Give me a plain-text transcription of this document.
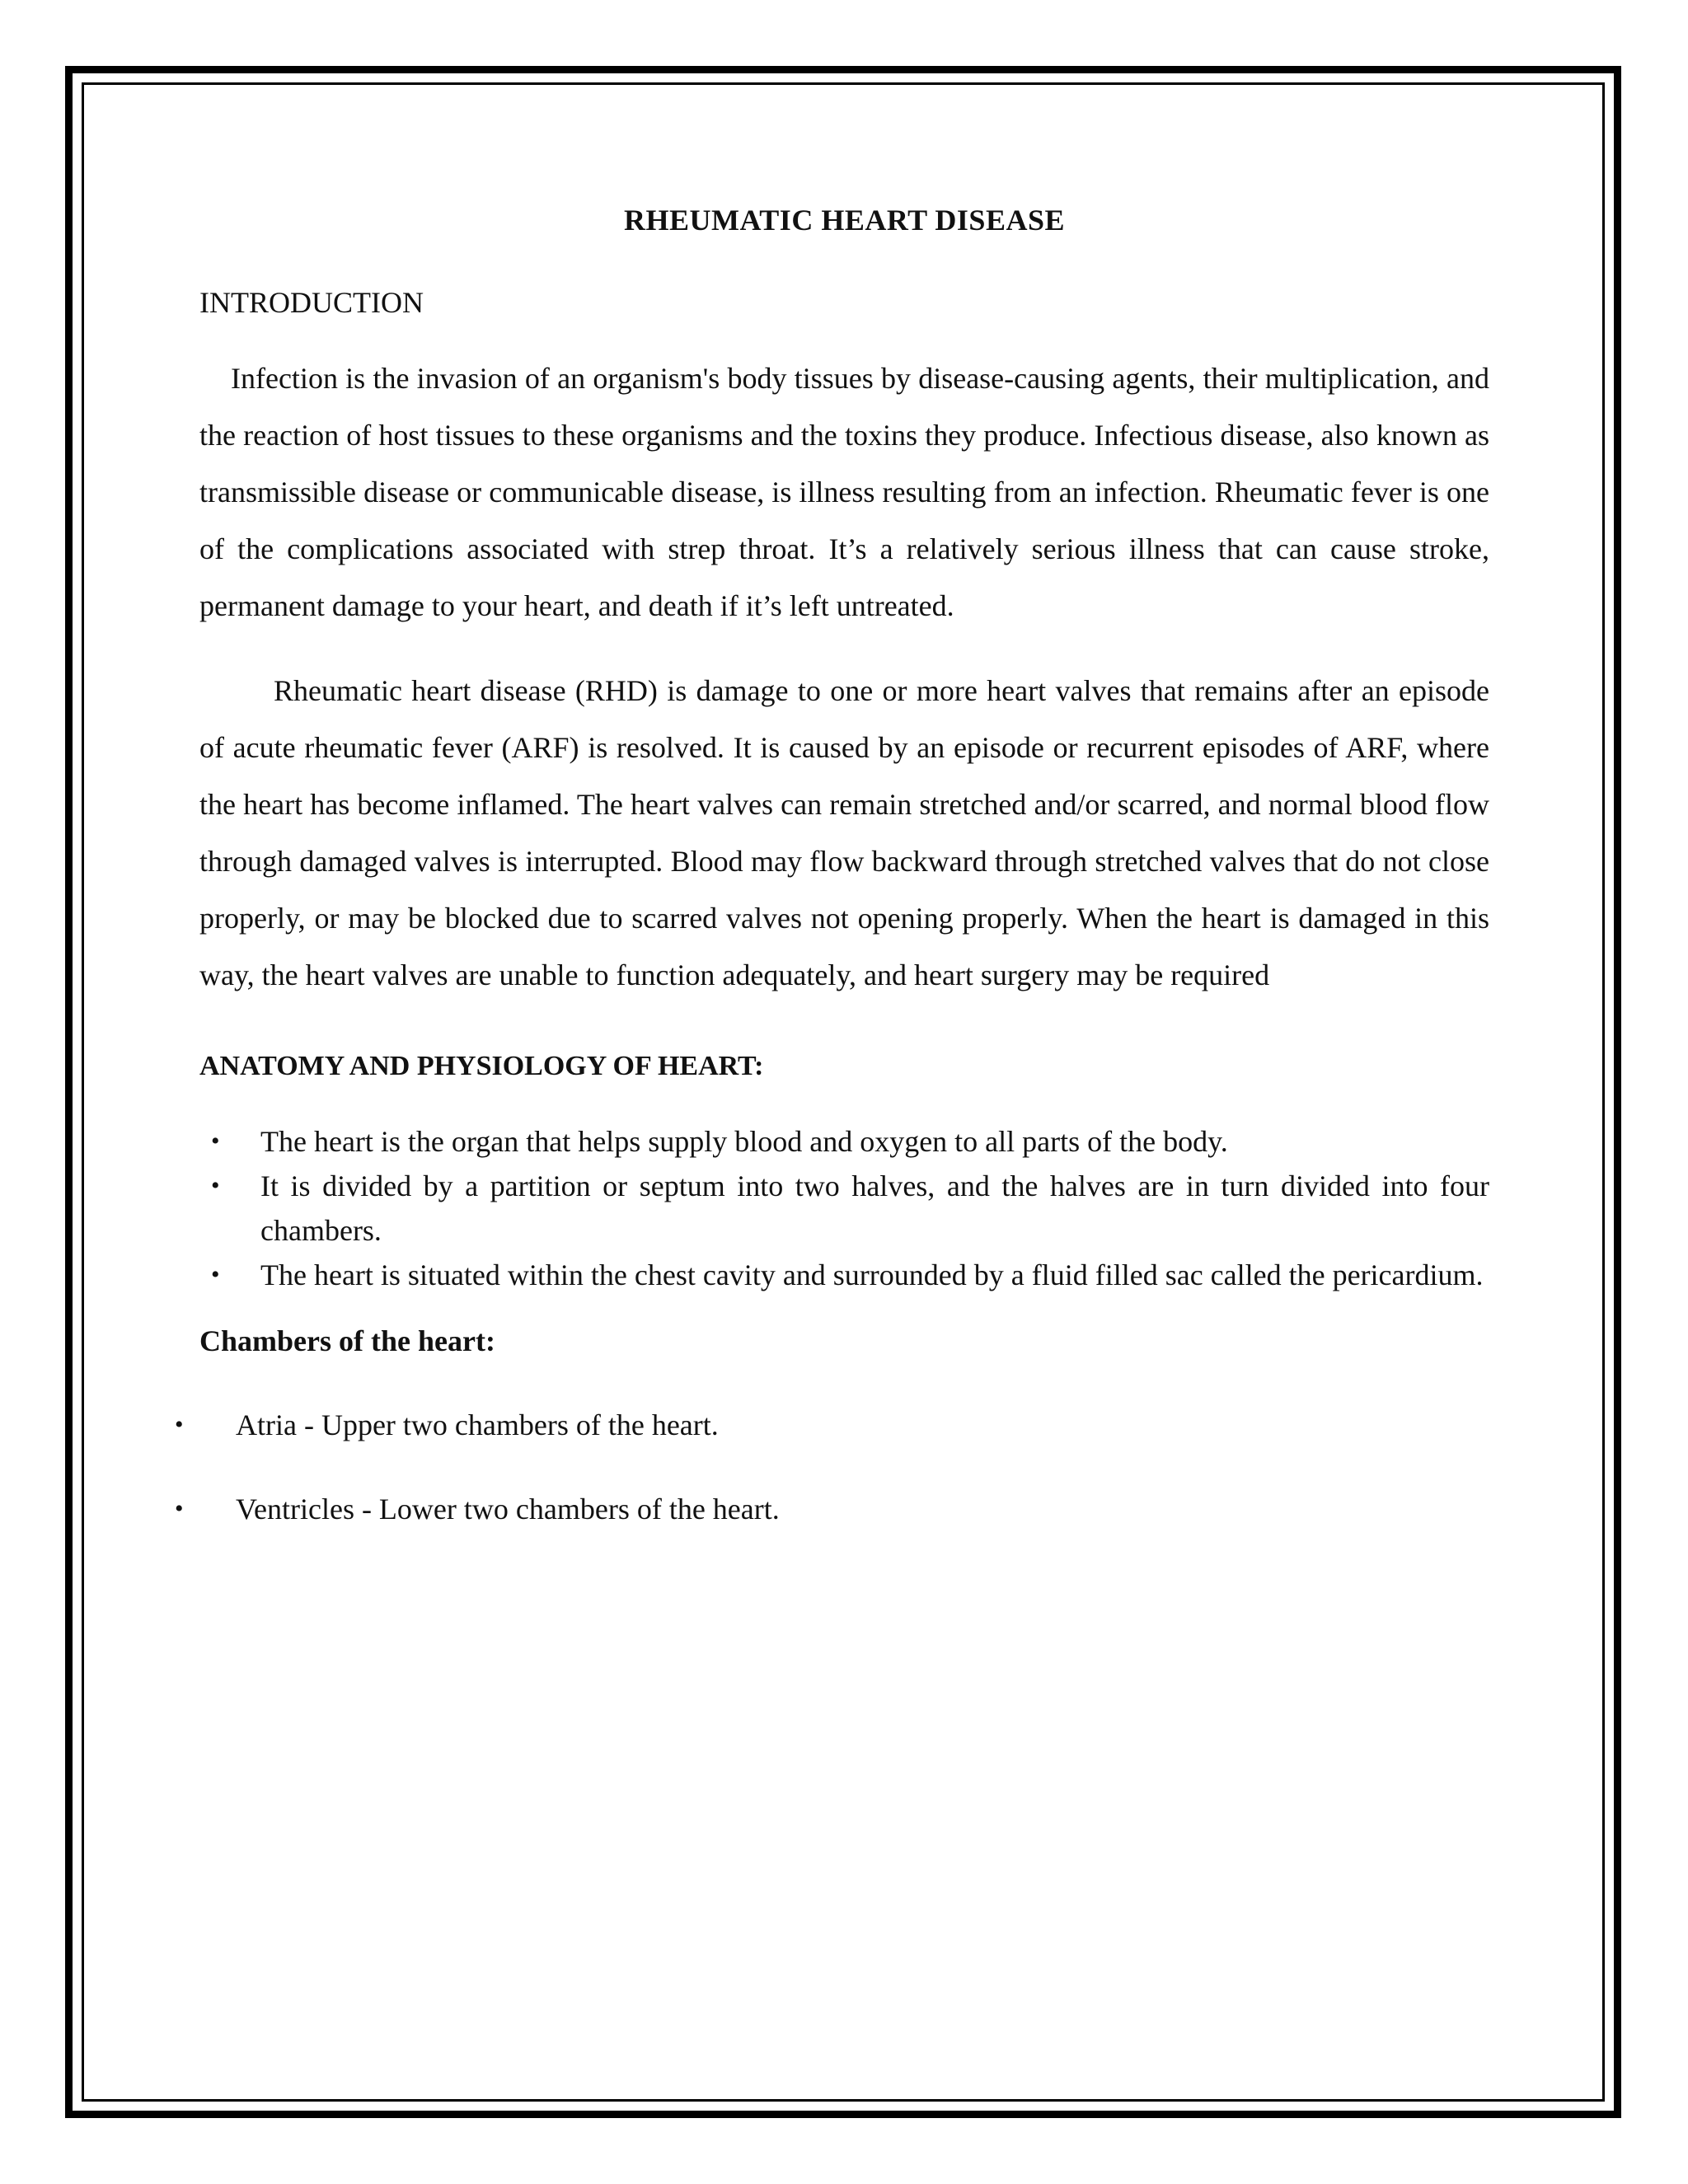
RHEUMATIC HEART DISEASE
INTRODUCTION

Infection is the invasion of an organism's body tissues by disease-causing agents, their multiplication, and the reaction of host tissues to these organisms and the toxins they produce. Infectious disease, also known as transmissible disease or communicable disease, is illness resulting from an infection. Rheumatic fever is one of the complications associated with strep throat. It’s a relatively serious illness that can cause stroke, permanent damage to your heart, and death if it’s left untreated.

Rheumatic heart disease (RHD) is damage to one or more heart valves that remains after an episode of acute rheumatic fever (ARF) is resolved. It is caused by an episode or recurrent episodes of ARF, where the heart has become inflamed. The heart valves can remain stretched and/or scarred, and normal blood flow through damaged valves is interrupted. Blood may flow backward through stretched valves that do not close properly, or may be blocked due to scarred valves not opening properly. When the heart is damaged in this way, the heart valves are unable to function adequately, and heart surgery may be required

ANATOMY AND PHYSIOLOGY OF HEART:
• The heart is the organ that helps supply blood and oxygen to all parts of the body.
• It is divided by a partition or septum into two halves, and the halves are in turn divided into four chambers.
• The heart is situated within the chest cavity and surrounded by a fluid filled sac called the pericardium.
Chambers of the heart:
• Atria - Upper two chambers of the heart.
• Ventricles - Lower two chambers of the heart.
